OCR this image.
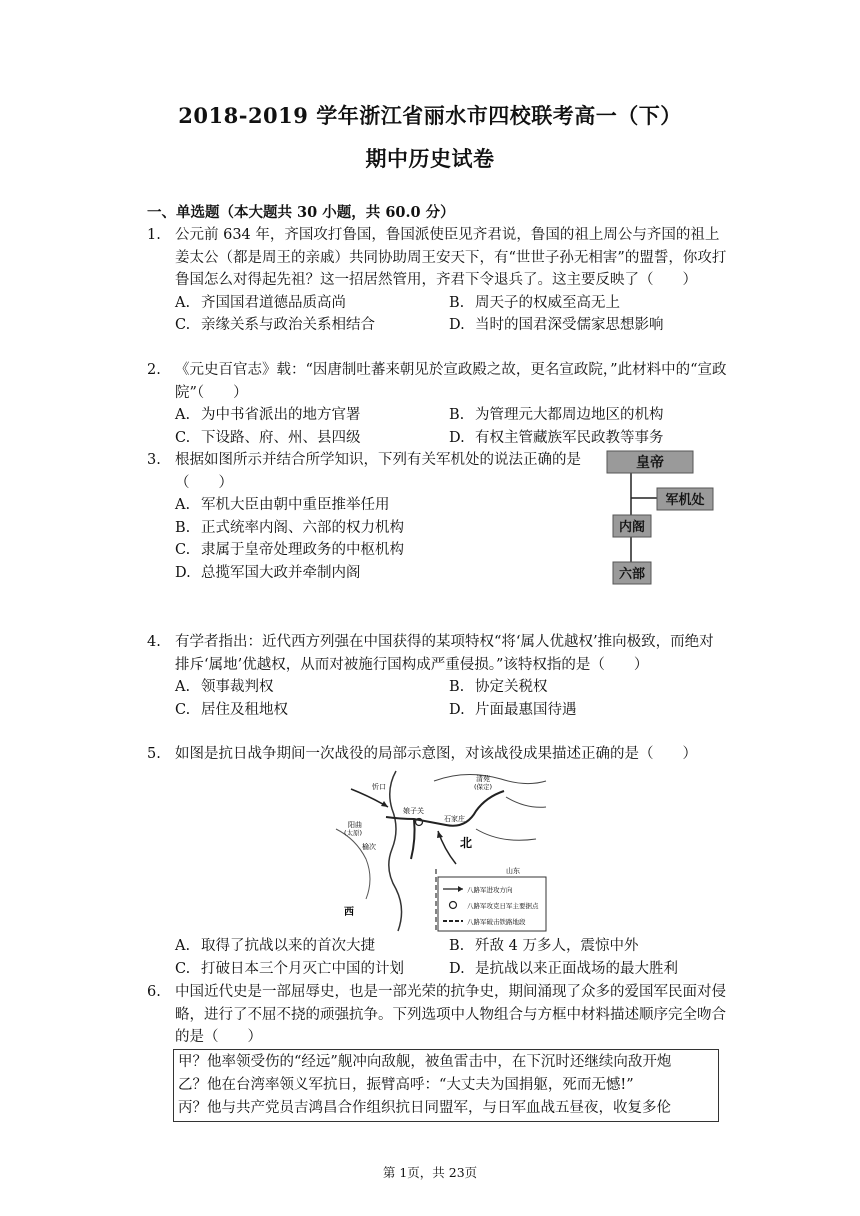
2018-2019 学年浙江省丽水市四校联考高一（下）
期中历史试卷
一、单选题（本大题共 30 小题，共 60.0 分）
1. 公元前 634 年，齐国攻打鲁国，鲁国派使臣见齐君说，鲁国的祖上周公与齐国的祖上姜太公（都是周王的亲戚）共同协助周王安天下，有“世世子孙无相害”的盟誓，你攻打鲁国怎么对得起先祖？这一招居然管用，齐君下令退兵了。这主要反映了（　　）
A. 齐国国君道德品质高尚	B. 周天子的权威至高无上
C. 亲缘关系与政治关系相结合	D. 当时的国君深受儒家思想影响
2. 《元史百官志》载：“因唐制吐蕃来朝见於宣政殿之故，更名宣政院，”此材料中的“宣政院”（　　）
A. 为中书省派出的地方官署	B. 为管理元大都周边地区的机构
C. 下设路、府、州、县四级	D. 有权主管藏族军民政教等事务
3. 根据如图所示并结合所学知识，下列有关军机处的说法正确的是（　　）
A. 军机大臣由朝中重臣推举任用
B. 正式统率内阁、六部的权力机构
C. 隶属于皇帝处理政务的中枢机构
D. 总揽军国大政并牵制内阁
皇帝
军机处
内阁
六部
4. 有学者指出：近代西方列强在中国获得的某项特权“将‘属人优越权’推向极致，而绝对排斥‘属地’优越权，从而对被施行国构成严重侵损。”该特权指的是（　　）
A. 领事裁判权	B. 协定关税权
C. 居住及租地权	D. 片面最惠国待遇
5. 如图是抗日战争期间一次战役的局部示意图，对该战役成果描述正确的是（　　）
清苑
(保定)
忻口
阳曲
(太原)
娘子关
石家庄
榆次	北
山东
西
八路军进攻方向
八路军攻克日军主要据点
八路军破击铁路地段
A. 取得了抗战以来的首次大捷	B. 歼敌 4 万多人，震惊中外
C. 打破日本三个月灭亡中国的计划	D. 是抗战以来正面战场的最大胜利
6. 中国近代史是一部屈辱史，也是一部光荣的抗争史，期间涌现了众多的爱国军民面对侵略，进行了不屈不挠的顽强抗争。下列选项中人物组合与方框中材料描述顺序完全吻合的是（　　）
甲？他率领受伤的“经远”舰冲向敌舰，被鱼雷击中，在下沉时还继续向敌开炮
乙？他在台湾率领义军抗日，振臂高呼：“大丈夫为国捐躯，死而无憾!”
丙？他与共产党员吉鸿昌合作组织抗日同盟军，与日军血战五昼夜，收复多伦
第 1页，共 23页
